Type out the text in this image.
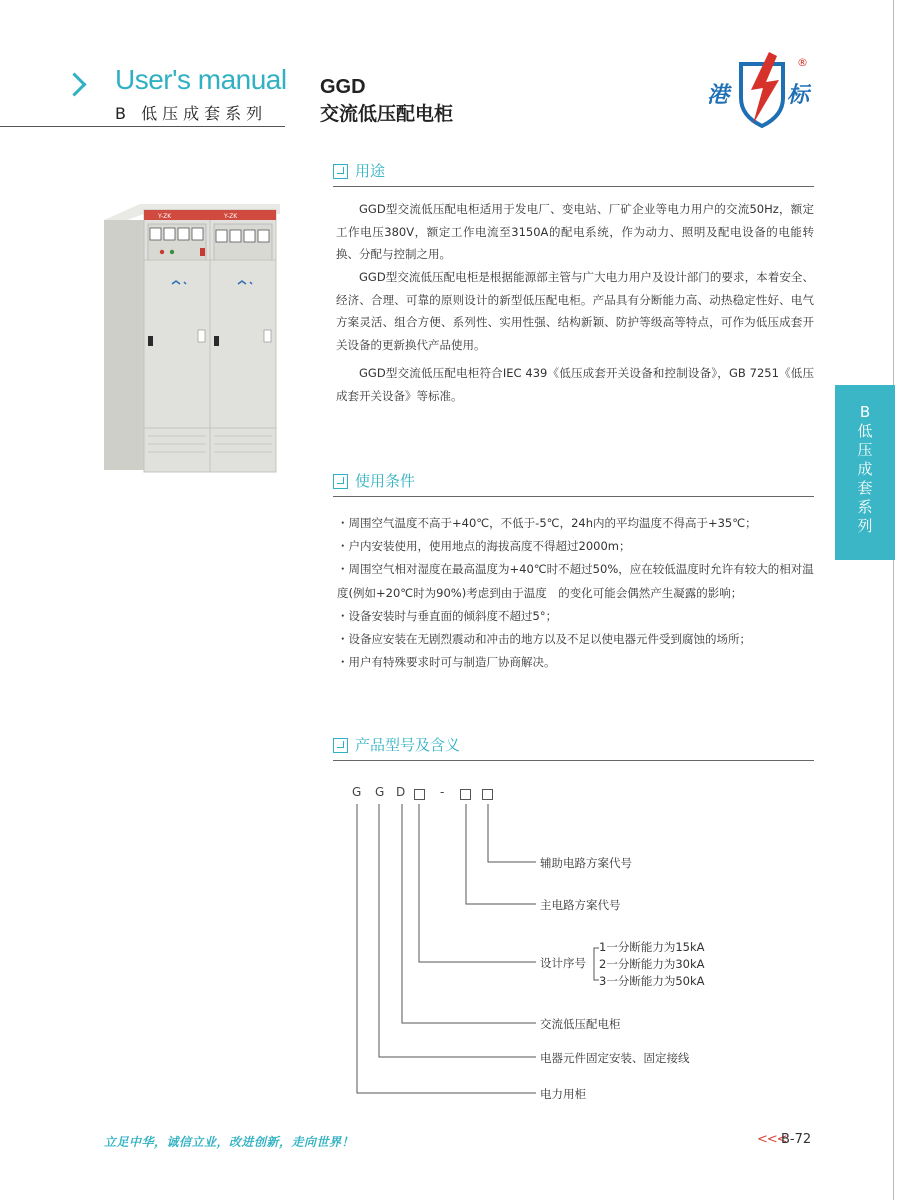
User's manual
B 低压成套系列
GGD
交流低压配电柜
港	标
®
Y-ZK	Y-ZK
用途
GGD型交流低压配电柜适用于发电厂、变电站、厂矿企业等电力用户的交流50Hz，额定工作电压380V，额定工作电流至3150A的配电系统，作为动力、照明及配电设备的电能转换、分配与控制之用。
GGD型交流低压配电柜是根据能源部主管与广大电力用户及设计部门的要求，本着安全、经济、合理、可靠的原则设计的新型低压配电柜。产品具有分断能力高、动热稳定性好、电气方案灵活、组合方便、系列性、实用性强、结构新颖、防护等级高等特点，可作为低压成套开关设备的更新换代产品使用。
GGD型交流低压配电柜符合IEC 439《低压成套开关设备和控制设备》，GB 7251《低压成套开关设备》等标准。
使用条件
・周围空气温度不高于+40℃，不低于-5℃，24h内的平均温度不得高于+35℃；
・户内安装使用，使用地点的海拔高度不得超过2000m；
・周围空气相对湿度在最高温度为+40℃时不超过50%，应在较低温度时允许有较大的相对温度(例如+20℃时为90%)考虑到由于温度　的变化可能会偶然产生凝露的影响；
・设备安装时与垂直面的倾斜度不超过5°；
・设备应安装在无剧烈震动和冲击的地方以及不足以使电器元件受到腐蚀的场所；
・用户有特殊要求时可与制造厂协商解决。
B
低
压
成
套
系
列
产品型号及含义
G G D	-
辅助电路方案代号
主电路方案代号
设计序号
1一分断能力为15kA
2一分断能力为30kA
3一分断能力为50kA
交流低压配电柜
电器元件固定安装、固定接线
电力用柜
立足中华，诚信立业，改进创新，走向世界！	<<<
B-72
